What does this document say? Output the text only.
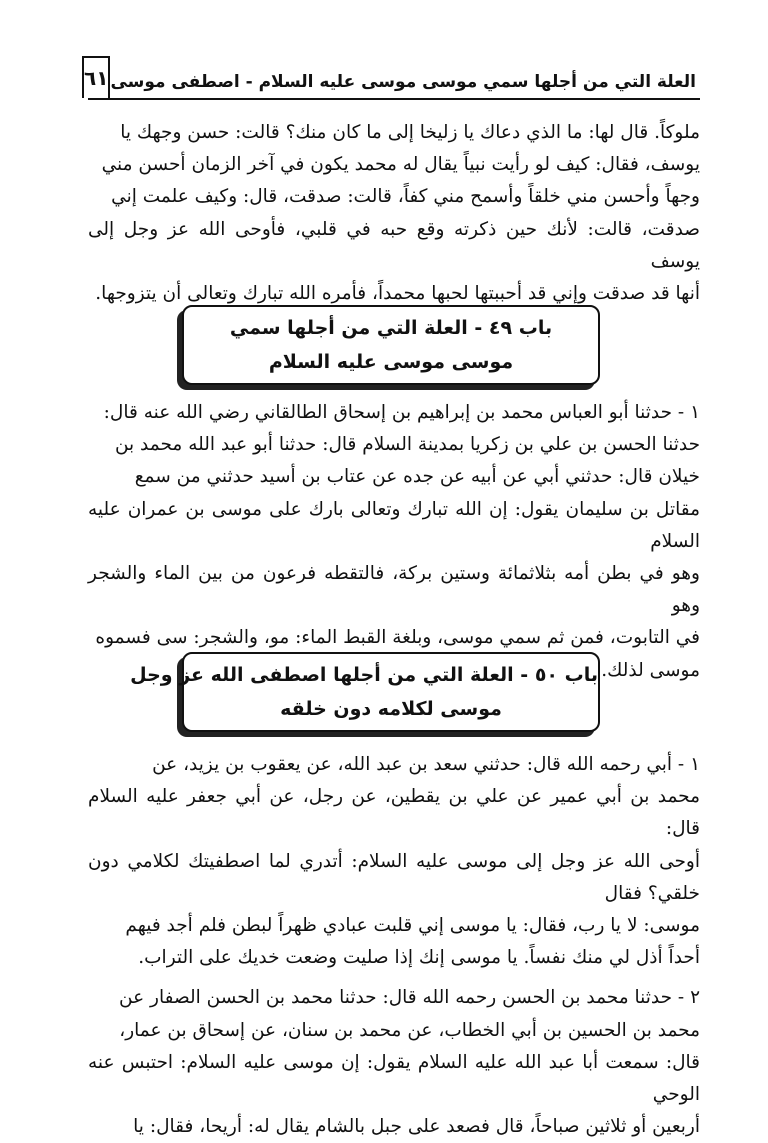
العلة التي من أجلها سمي موسى موسى عليه السلام - اصطفى موسى
٦١

ملوكاً. قال لها: ما الذي دعاك يا زليخا إلى ما كان منك؟ قالت: حسن وجهك يا

يوسف، فقال: كيف لو رأيت نبياً يقال له محمد يكون في آخر الزمان أحسن مني

وجهاً وأحسن مني خلقاً وأسمح مني كفاً، قالت: صدقت، قال: وكيف علمت إني

صدقت، قالت: لأنك حين ذكرته وقع حبه في قلبي، فأوحى الله عز وجل إلى يوسف

أنها قد صدقت وإني قد أحببتها لحبها محمداً، فأمره الله تبارك وتعالى أن يتزوجها.

باب ٤٩ - العلة التي من أجلها سمي
موسى موسى عليه السلام

١ - حدثنا أبو العباس محمد بن إبراهيم بن إسحاق الطالقاني رضي الله عنه قال:

حدثنا الحسن بن علي بن زكريا بمدينة السلام قال: حدثنا أبو عبد الله محمد بن

خيلان قال: حدثني أبي عن أبيه عن جده عن عتاب بن أسيد حدثني من سمع

مقاتل بن سليمان يقول: إن الله تبارك وتعالى بارك على موسى بن عمران عليه السلام

وهو في بطن أمه بثلاثمائة وستين بركة، فالتقطه فرعون من بين الماء والشجر وهو

في التابوت، فمن ثم سمي موسى، وبلغة القبط الماء: مو، والشجر: سى فسموه

موسى لذلك.

باب ٥٠ - العلة التي من أجلها اصطفى الله عز وجل
موسى لكلامه دون خلقه

١ - أبي رحمه الله قال: حدثني سعد بن عبد الله، عن يعقوب بن يزيد، عن

محمد بن أبي عمير عن علي بن يقطين، عن رجل، عن أبي جعفر عليه السلام قال:

أوحى الله عز وجل إلى موسى عليه السلام: أتدري لما اصطفيتك لكلامي دون خلقي؟ فقال

موسى: لا يا رب، فقال: يا موسى إني قلبت عبادي ظهراً لبطن فلم أجد فيهم

أحداً أذل لي منك نفساً. يا موسى إنك إذا صليت وضعت خديك على التراب.

٢ - حدثنا محمد بن الحسن رحمه الله قال: حدثنا محمد بن الحسن الصفار عن

محمد بن الحسين بن أبي الخطاب، عن محمد بن سنان، عن إسحاق بن عمار،

قال: سمعت أبا عبد الله عليه السلام يقول: إن موسى عليه السلام: احتبس عنه الوحي

أربعين أو ثلاثين صباحاً، قال فصعد على جبل بالشام يقال له: أريحا، فقال: يا
